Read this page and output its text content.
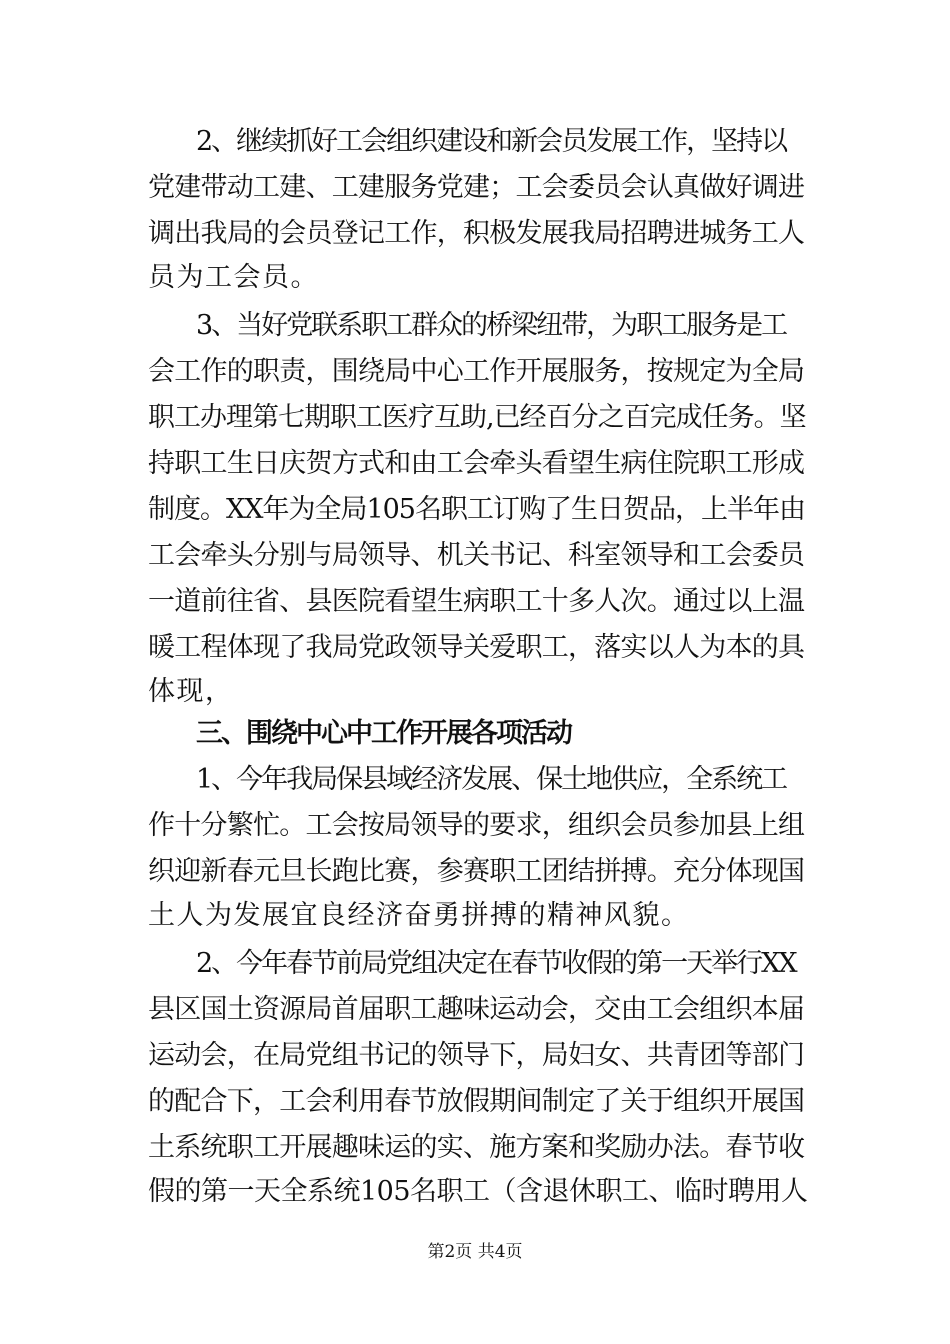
2、继续抓好工会组织建设和新会员发展工作，坚持以
党建带动工建、工建服务党建；工会委员会认真做好调进
调出我局的会员登记工作，积极发展我局招聘进城务工人
员为工会员。
3、当好党联系职工群众的桥梁纽带，为职工服务是工
会工作的职责，围绕局中心工作开展服务，按规定为全局
职工办理第七期职工医疗互助,已经百分之百完成任务。坚
持职工生日庆贺方式和由工会牵头看望生病住院职工形成
制度。XX年为全局105名职工订购了生日贺品，上半年由
工会牵头分别与局领导、机关书记、科室领导和工会委员
一道前往省、县医院看望生病职工十多人次。通过以上温
暖工程体现了我局党政领导关爱职工，落实以人为本的具
体现，
三、围绕中心中工作开展各项活动
1、今年我局保县域经济发展、保土地供应，全系统工
作十分繁忙。工会按局领导的要求，组织会员参加县上组
织迎新春元旦长跑比赛，参赛职工团结拼搏。充分体现国
土人为发展宜良经济奋勇拼搏的精神风貌。
2、今年春节前局党组决定在春节收假的第一天举行XX
县区国土资源局首届职工趣味运动会，交由工会组织本届
运动会，在局党组书记的领导下，局妇女、共青团等部门
的配合下，工会利用春节放假期间制定了关于组织开展国
土系统职工开展趣味运的实、施方案和奖励办法。春节收
假的第一天全系统105名职工（含退休职工、临时聘用人
第2页 共4页
